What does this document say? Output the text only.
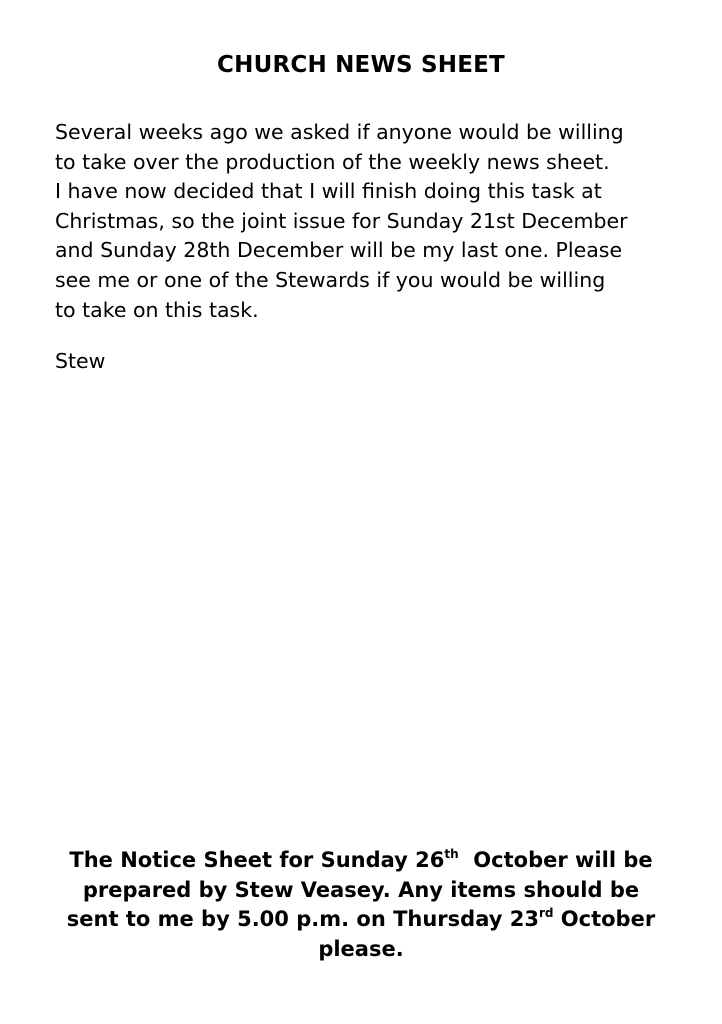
CHURCH NEWS SHEET
Several weeks ago we asked if anyone would be willing
to take over the production of the weekly news sheet.
I have now decided that I will finish doing this task at
Christmas, so the joint issue for Sunday 21st December
and Sunday 28th December will be my last one. Please
see me or one of the Stewards if you would be willing
to take on this task.
Stew
The Notice Sheet for Sunday 26th  October will be
prepared by Stew Veasey. Any items should be
sent to me by 5.00 p.m. on Thursday 23rd October
please.
